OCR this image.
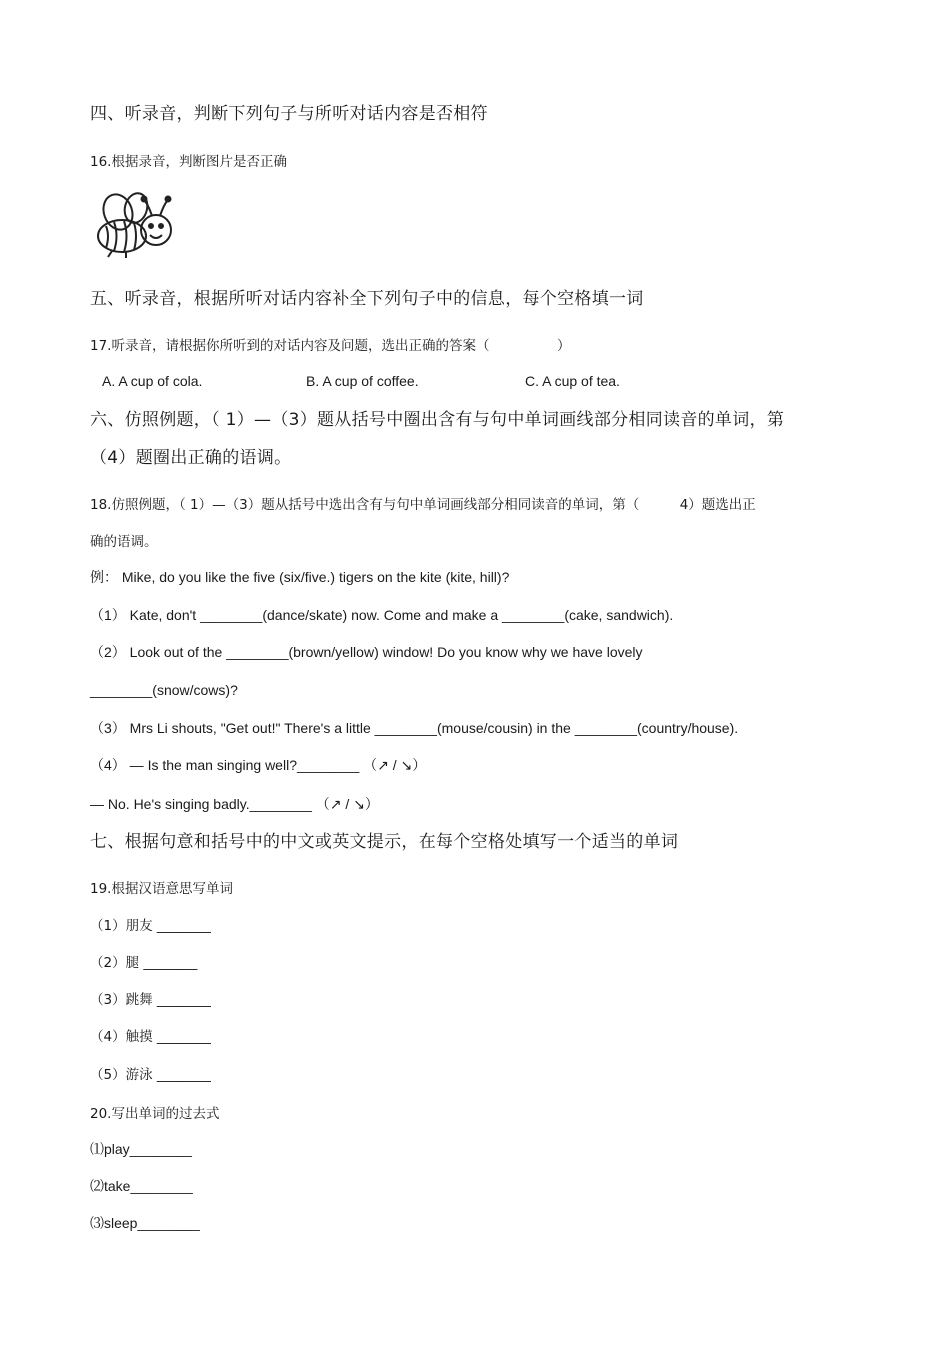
四、听录音，判断下列句子与所听对话内容是否相符
16.根据录音，判断图片是否正确
五、听录音，根据所听对话内容补全下列句子中的信息，每个空格填一词
17.听录音，请根据你所听到的对话内容及问题，选出正确的答案（　　　　　）
A. A cup of cola.	B. A cup of coffee.	C. A cup of tea.
六、仿照例题，（ 1）—（3）题从括号中圈出含有与句中单词画线部分相同读音的单词，第
（4）题圈出正确的语调。
18.仿照例题，（ 1）—（3）题从括号中选出含有与句中单词画线部分相同读音的单词，第（　　　4）题选出正
确的语调。
例： Mike, do you like the five (six/five.) tigers on the kite (kite, hill)?
（1） Kate, don't ________(dance/skate) now. Come and make a ________(cake, sandwich).
（2） Look out of the ________(brown/yellow) window! Do you know why we have lovely
________(snow/cows)?
（3） Mrs Li shouts, "Get out!" There's a little ________(mouse/cousin) in the ________(country/house).
（4） — Is the man singing well?________ （↗ / ↘）
— No. He's singing badly.________ （↗ / ↘）
七、根据句意和括号中的中文或英文提示，在每个空格处填写一个适当的单词
19.根据汉语意思写单词
（1）朋友 ________
（2）腿 ________
（3）跳舞 ________
（4）触摸 ________
（5）游泳 ________
20.写出单词的过去式
⑴play________
⑵take________
⑶sleep________
